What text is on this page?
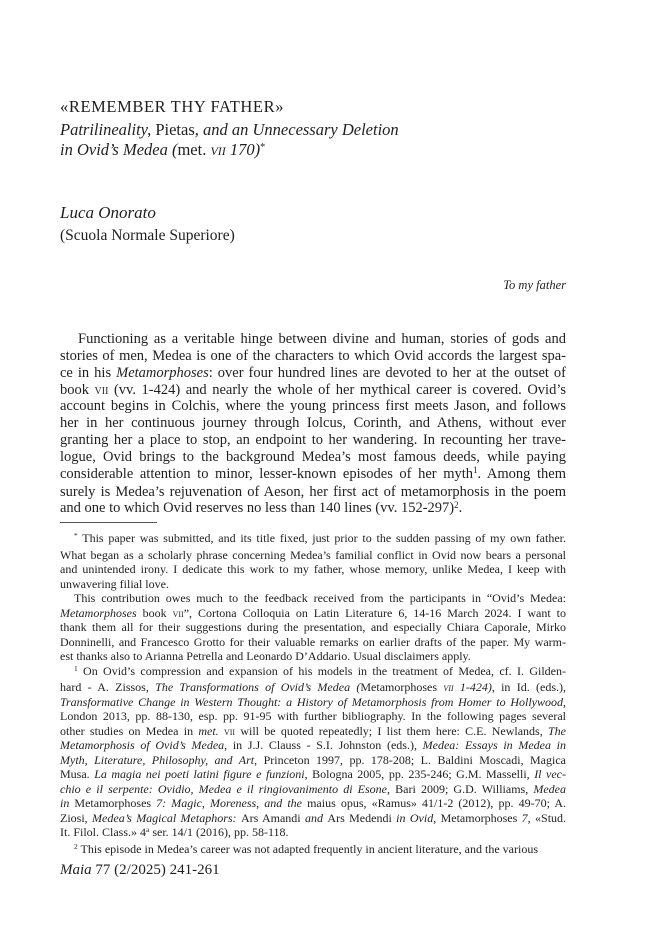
«REMEMBER THY FATHER»
Patrilineality, Pietas, and an Unnecessary Deletion
in Ovid’s Medea (met. vii 170)*
Luca Onorato
(Scuola Normale Superiore)
To my father
Functioning as a veritable hinge between divine and human, stories of gods and
stories of men, Medea is one of the characters to which Ovid accords the largest spa-
ce in his Metamorphoses: over four hundred lines are devoted to her at the outset of
book vii (vv. 1-424) and nearly the whole of her mythical career is covered. Ovid’s
account begins in Colchis, where the young princess first meets Jason, and follows
her in her continuous journey through Iolcus, Corinth, and Athens, without ever
granting her a place to stop, an endpoint to her wandering. In recounting her trave-
logue, Ovid brings to the background Medea’s most famous deeds, while paying
considerable attention to minor, lesser-known episodes of her myth$^1$. Among them
surely is Medea’s rejuvenation of Aeson, her first act of metamorphosis in the poem
and one to which Ovid reserves no less than 140 lines (vv. 152-297)$^2$.
* This paper was submitted, and its title fixed, just prior to the sudden passing of my own father.
What began as a scholarly phrase concerning Medea’s familial conflict in Ovid now bears a personal
and unintended irony. I dedicate this work to my father, whose memory, unlike Medea, I keep with
unwavering filial love.
This contribution owes much to the feedback received from the participants in “Ovid’s Medea:
Metamorphoses book vii”, Cortona Colloquia on Latin Literature 6, 14-16 March 2024. I want to
thank them all for their suggestions during the presentation, and especially Chiara Caporale, Mirko
Donninelli, and Francesco Grotto for their valuable remarks on earlier drafts of the paper. My warm-
est thanks also to Arianna Petrella and Leonardo D’Addario. Usual disclaimers apply.
$^1$ On Ovid’s compression and expansion of his models in the treatment of Medea, cf. I. Gilden-
hard - A. Zissos, The Transformations of Ovid’s Medea (Metamorphoses vii 1-424), in Id. (eds.),
Transformative Change in Western Thought: a History of Metamorphosis from Homer to Hollywood,
London 2013, pp. 88-130, esp. pp. 91-95 with further bibliography. In the following pages several
other studies on Medea in met. vii will be quoted repeatedly; I list them here: C.E. Newlands, The
Metamorphosis of Ovid’s Medea, in J.J. Clauss - S.I. Johnston (eds.), Medea: Essays in Medea in
Myth, Literature, Philosophy, and Art, Princeton 1997, pp. 178-208; L. Baldini Moscadi, Magica
Musa. La magia nei poeti latini figure e funzioni, Bologna 2005, pp. 235-246; G.M. Masselli, Il vec-
chio e il serpente: Ovidio, Medea e il ringiovanimento di Esone, Bari 2009; G.D. Williams, Medea
in Metamorphoses 7: Magic, Moreness, and the maius opus, «Ramus» 41/1-2 (2012), pp. 49-70; A.
Ziosi, Medea’s Magical Metaphors: Ars Amandi and Ars Medendi in Ovid, Metamorphoses 7, «Stud.
It. Filol. Class.» 4$^a$ ser. 14/1 (2016), pp. 58-118.
$^2$ This episode in Medea’s career was not adapted frequently in ancient literature, and the various
Maia 77 (2/2025) 241-261
